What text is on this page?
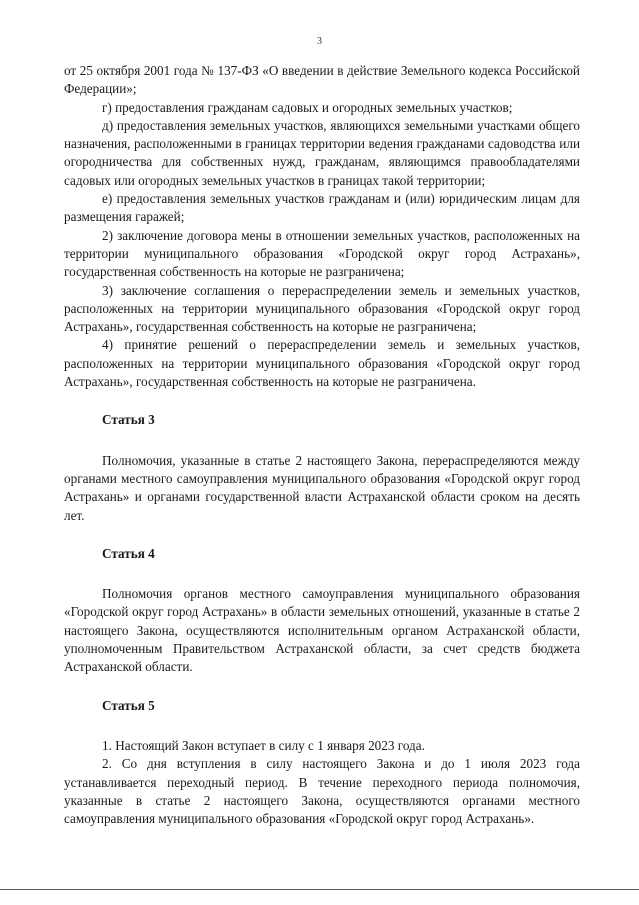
3

от 25 октября 2001 года № 137-ФЗ «О введении в действие Земельного кодекса Российской Федерации»;

г) предоставления гражданам садовых и огородных земельных участков;

д) предоставления земельных участков, являющихся земельными участками общего назначения, расположенными в границах территории ведения гражданами садоводства или огородничества для собственных нужд, гражданам, являющимся правообладателями садовых или огородных земельных участков в границах такой территории;

е) предоставления земельных участков гражданам и (или) юридическим лицам для размещения гаражей;

2) заключение договора мены в отношении земельных участков, расположенных на территории муниципального образования «Городской округ город Астрахань», государственная собственность на которые не разграничена;

3) заключение соглашения о перераспределении земель и земельных участков, расположенных на территории муниципального образования «Городской округ город Астрахань», государственная собственность на которые не разграничена;

4) принятие решений о перераспределении земель и земельных участков, расположенных на территории муниципального образования «Городской округ город Астрахань», государственная собственность на которые не разграничена.

Статья 3

Полномочия, указанные в статье 2 настоящего Закона, перераспределяются между органами местного самоуправления муниципального образования «Городской округ город Астрахань» и органами государственной власти Астраханской области сроком на десять лет.

Статья 4

Полномочия органов местного самоуправления муниципального образования «Городской округ город Астрахань» в области земельных отношений, указанные в статье 2 настоящего Закона, осуществляются исполнительным органом Астраханской области, уполномоченным Правительством Астраханской области, за счет средств бюджета Астраханской области.

Статья 5

1. Настоящий Закон вступает в силу с 1 января 2023 года.

2. Со дня вступления в силу настоящего Закона и до 1 июля 2023 года устанавливается переходный период. В течение переходного периода полномочия, указанные в статье 2 настоящего Закона, осуществляются органами местного самоуправления муниципального образования «Городской округ город Астрахань».
